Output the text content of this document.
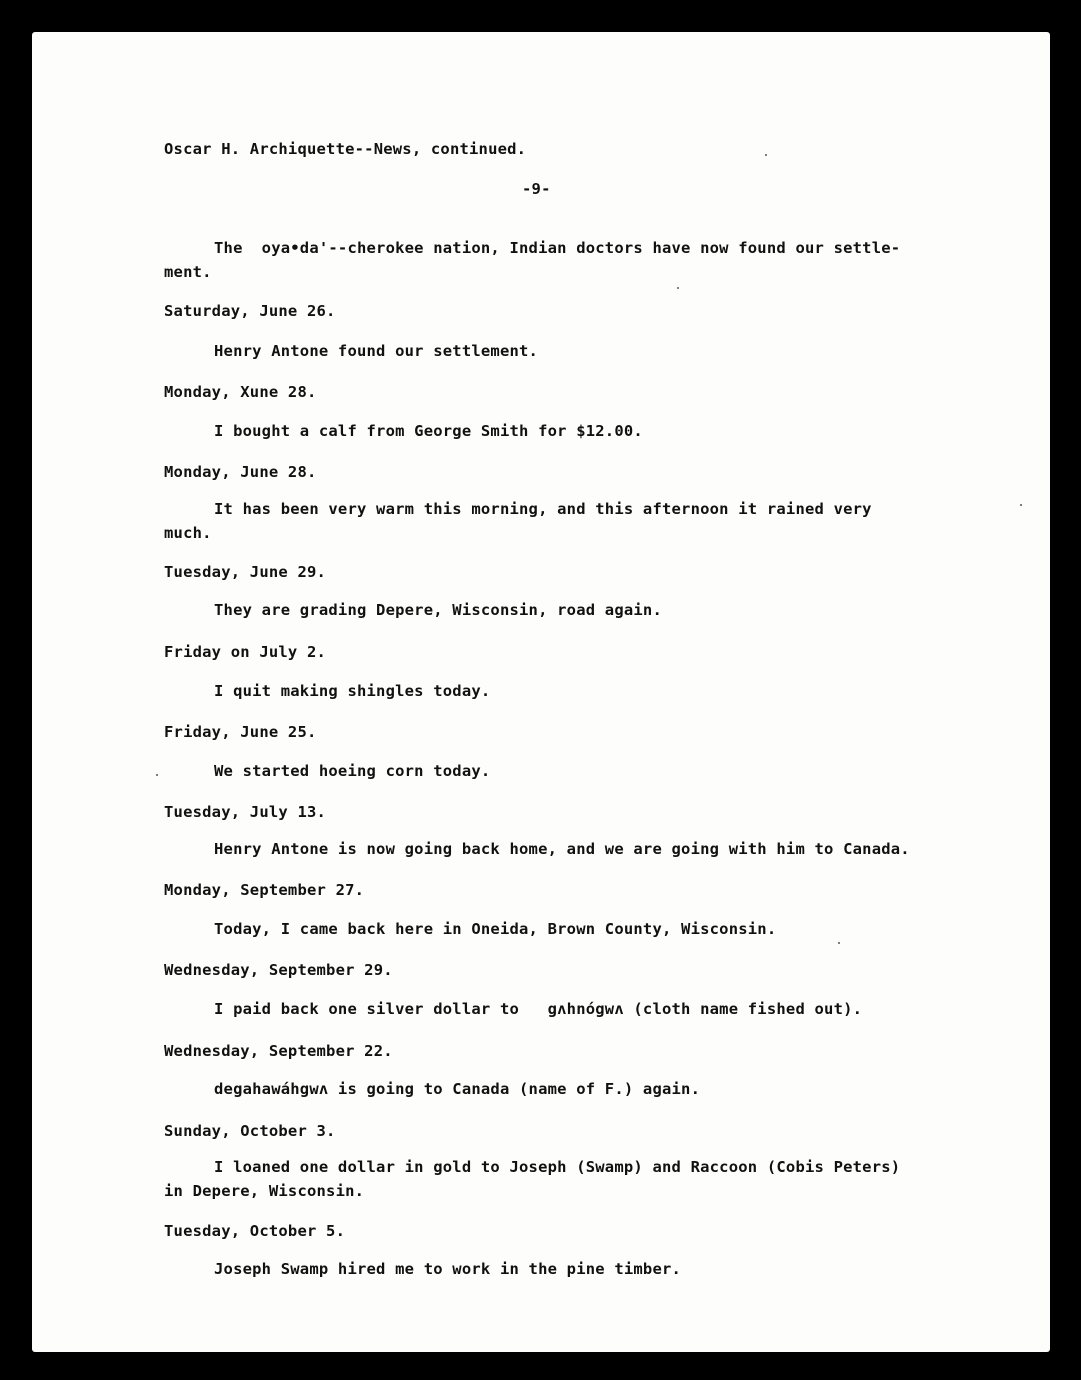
Oscar H. Archiquette--News, continued.
-9-
The  oya•da'--cherokee nation, Indian doctors have now found our settle-
ment.
Saturday, June 26.
Henry Antone found our settlement.
Monday, Xune 28.
I bought a calf from George Smith for $12.00.
Monday, June 28.
It has been very warm this morning, and this afternoon it rained very
much.
Tuesday, June 29.
They are grading Depere, Wisconsin, road again.
Friday on July 2.
I quit making shingles today.
Friday, June 25.
We started hoeing corn today.
Tuesday, July 13.
Henry Antone is now going back home, and we are going with him to Canada.
Monday, September 27.
Today, I came back here in Oneida, Brown County, Wisconsin.
Wednesday, September 29.
I paid back one silver dollar to   gʌhnógwʌ (cloth name fished out).
Wednesday, September 22.
degahawáhgwʌ is going to Canada (name of F.) again.
Sunday, October 3.
I loaned one dollar in gold to Joseph (Swamp) and Raccoon (Cobis Peters)
in Depere, Wisconsin.
Tuesday, October 5.
Joseph Swamp hired me to work in the pine timber.
